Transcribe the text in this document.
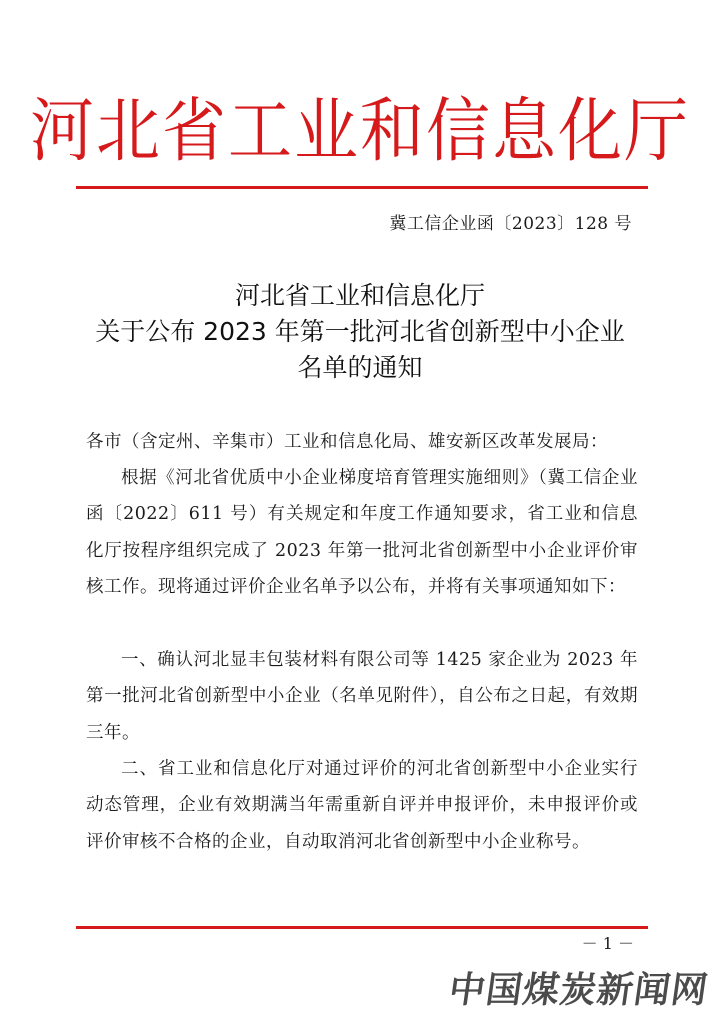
河北省工业和信息化厅
冀工信企业函〔2023〕128 号
河北省工业和信息化厅
关于公布 2023 年第一批河北省创新型中小企业
名单的通知
各市（含定州、辛集市）工业和信息化局、雄安新区改革发展局：
根据《河北省优质中小企业梯度培育管理实施细则》（冀工信企业函〔2022〕611 号）有关规定和年度工作通知要求，省工业和信息化厅按程序组织完成了 2023 年第一批河北省创新型中小企业评价审核工作。现将通过评价企业名单予以公布，并将有关事项通知如下：
一、确认河北显丰包装材料有限公司等 1425 家企业为 2023 年第一批河北省创新型中小企业（名单见附件），自公布之日起，有效期三年。
二、省工业和信息化厅对通过评价的河北省创新型中小企业实行动态管理，企业有效期满当年需重新自评并申报评价，未申报评价或评价审核不合格的企业，自动取消河北省创新型中小企业称号。
－ 1 －
中国煤炭新闻网
